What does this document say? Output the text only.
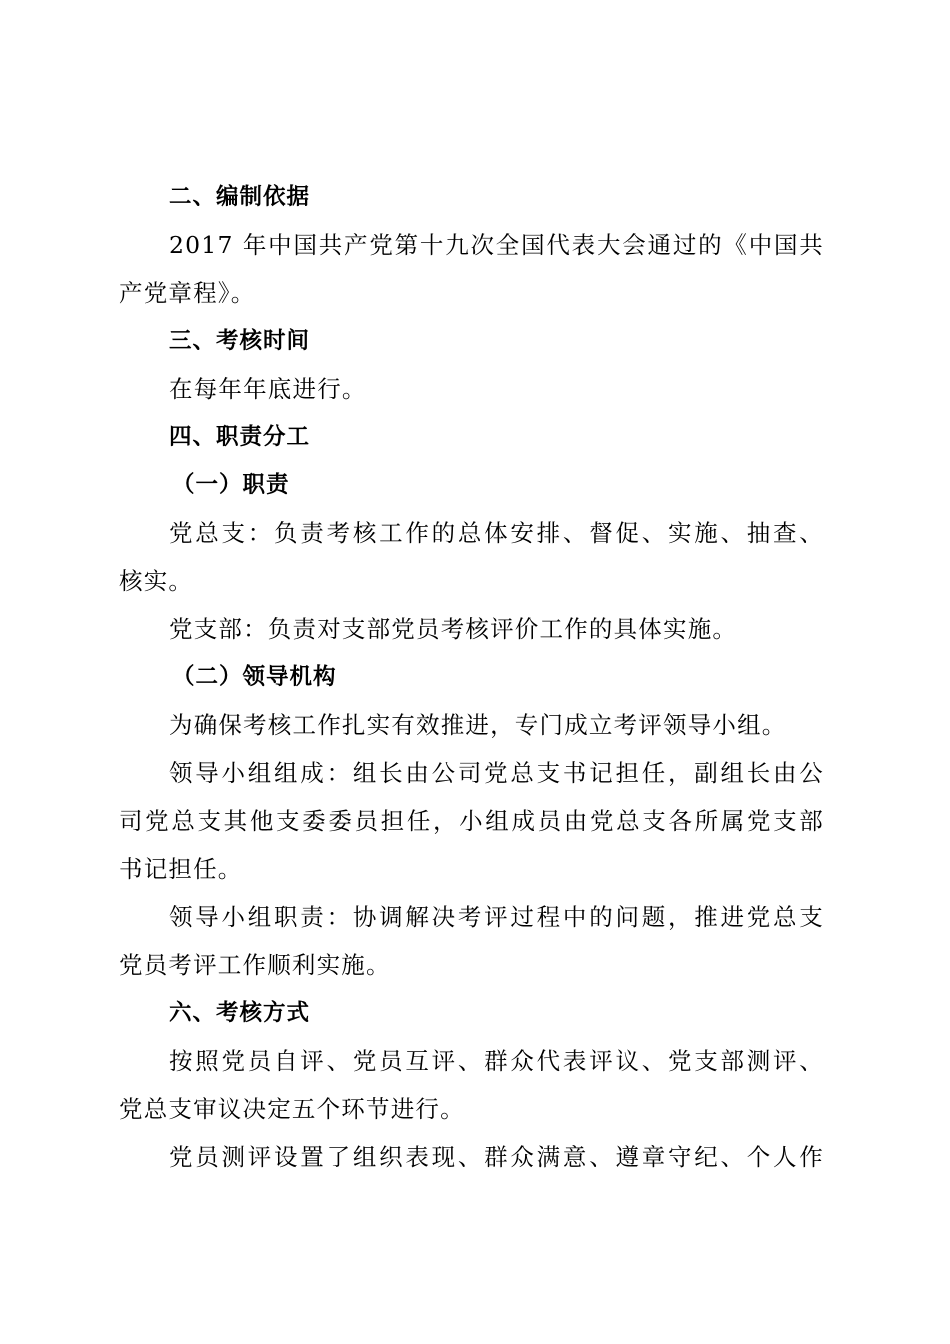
二、编制依据
2017 年中国共产党第十九次全国代表大会通过的《中国共
产党章程》。
三、考核时间
在每年年底进行。
四、职责分工
（一）职责
党总支：负责考核工作的总体安排、督促、实施、抽查、
核实。
党支部：负责对支部党员考核评价工作的具体实施。
（二）领导机构
为确保考核工作扎实有效推进，专门成立考评领导小组。
领导小组组成：组长由公司党总支书记担任，副组长由公
司党总支其他支委委员担任，小组成员由党总支各所属党支部
书记担任。
领导小组职责：协调解决考评过程中的问题，推进党总支
党员考评工作顺利实施。
六、考核方式
按照党员自评、党员互评、群众代表评议、党支部测评、
党总支审议决定五个环节进行。
党员测评设置了组织表现、群众满意、遵章守纪、个人作
